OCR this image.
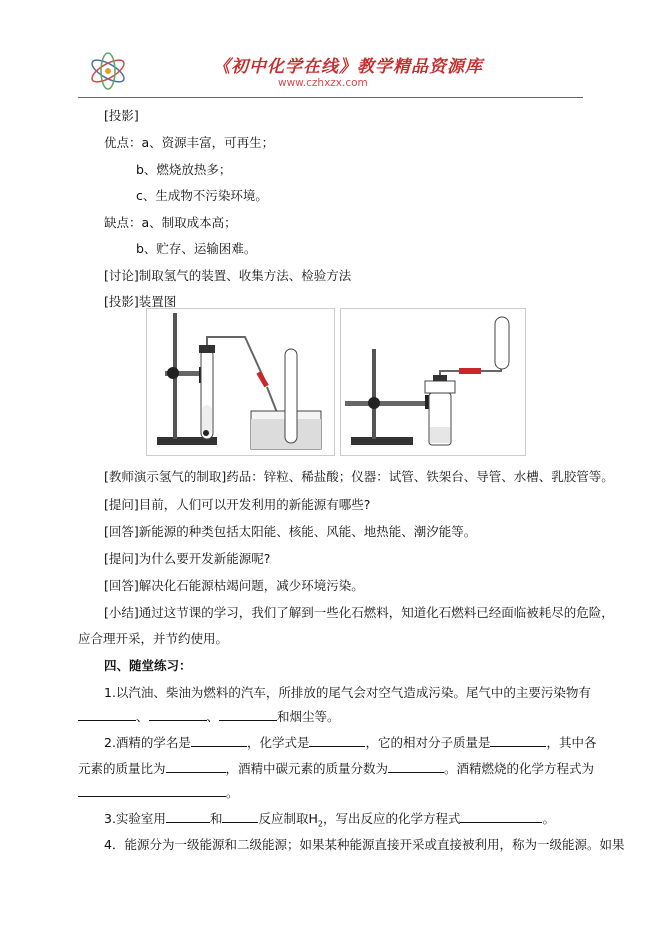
《初中化学在线》教学精品资源库
www.czhxzx.com
[投影]
优点：a、资源丰富，可再生；
b、燃烧放热多；
c、生成物不污染环境。
缺点：a、制取成本高；
b、贮存、运输困难。
[讨论]制取氢气的装置、收集方法、检验方法
[投影]装置图
[教师演示氢气的制取]药品：锌粒、稀盐酸；仪器：试管、铁架台、导管、水槽、乳胶管等。
[提问]目前，人们可以开发利用的新能源有哪些?
[回答]新能源的种类包括太阳能、核能、风能、地热能、潮汐能等。
[提问]为什么要开发新能源呢?
[回答]解决化石能源枯竭问题，减少环境污染。
[小结]通过这节课的学习，我们了解到一些化石燃料，知道化石燃料已经面临被耗尽的危险，
应合理开采，并节约使用。
四、随堂练习：
1.以汽油、柴油为燃料的汽车，所排放的尾气会对空气造成污染。尾气中的主要污染物有
、	、	和烟尘等。
2.酒精的学名是	，化学式是	，它的相对分子质量是	，其中各
元素的质量比为	，酒精中碳元素的质量分数为	。酒精燃烧的化学方程式为
。
3.实验室用	和	反应制取$H_2$，写出反应的化学方程式	。
4．能源分为一级能源和二级能源；如果某种能源直接开采或直接被利用，称为一级能源。如果
